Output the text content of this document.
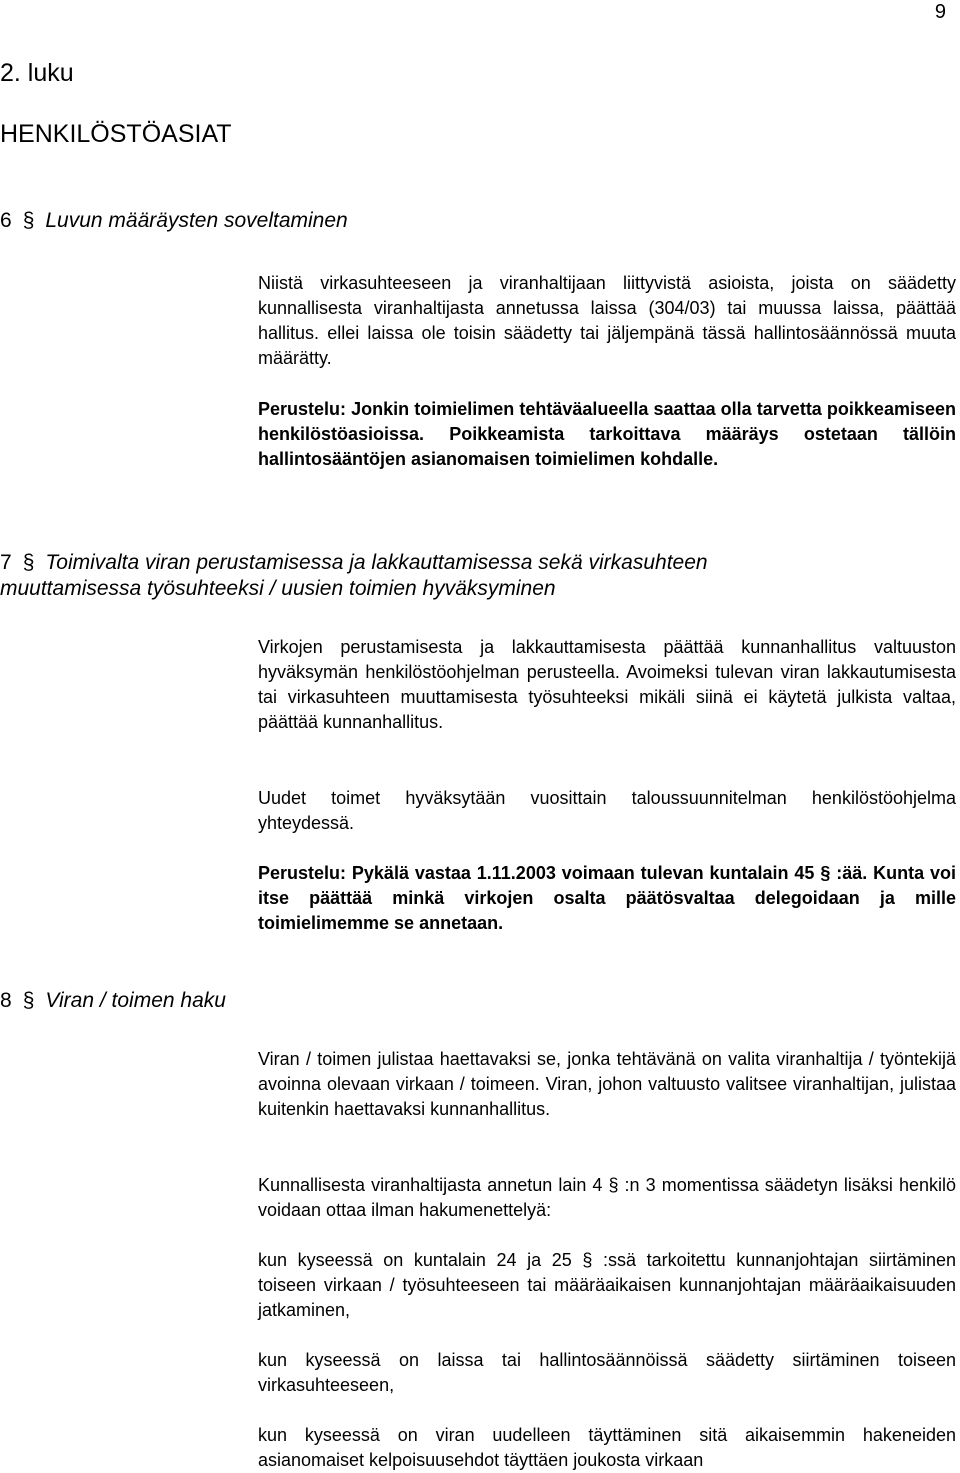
9
2. luku
HENKILÖSTÖASIAT
6 § Luvun määräysten soveltaminen
Niistä virkasuhteeseen ja viranhaltijaan liittyvistä asioista, joista on säädetty kunnallisesta viranhaltijasta annetussa laissa (304/03) tai muussa laissa, päättää hallitus. ellei laissa ole toisin säädetty tai jäljempänä tässä hallintosäännössä muuta määrätty.
Perustelu: Jonkin toimielimen tehtäväalueella saattaa olla tarvetta poikkeamiseen henkilöstöasioissa. Poikkeamista tarkoittava määräys ostetaan tällöin hallintosääntöjen asianomaisen toimielimen kohdalle.
7 § Toimivalta viran perustamisessa ja lakkauttamisessa sekä virkasuhteen
muuttamisessa työsuhteeksi / uusien toimien hyväksyminen
Virkojen perustamisesta ja lakkauttamisesta päättää kunnanhallitus valtuuston hyväksymän henkilöstöohjelman perusteella. Avoimeksi tulevan viran lakkautumisesta tai virkasuhteen muuttamisesta työsuhteeksi mikäli siinä ei käytetä julkista valtaa, päättää kunnanhallitus.
Uudet toimet hyväksytään vuosittain taloussuunnitelman henkilöstöohjelma yhteydessä.
Perustelu: Pykälä vastaa 1.11.2003 voimaan tulevan kuntalain 45 § :ää. Kunta voi itse päättää minkä virkojen osalta päätösvaltaa delegoidaan ja mille toimielimemme se annetaan.
8 § Viran / toimen haku
Viran / toimen julistaa haettavaksi se, jonka tehtävänä on valita viranhaltija / työntekijä avoinna olevaan virkaan / toimeen. Viran, johon valtuusto valitsee viranhaltijan, julistaa kuitenkin haettavaksi kunnanhallitus.
Kunnallisesta viranhaltijasta annetun lain 4 § :n 3 momentissa säädetyn lisäksi henkilö voidaan ottaa ilman hakumenettelyä:
kun kyseessä on kuntalain 24 ja 25 § :ssä tarkoitettu kunnanjohtajan siirtäminen toiseen virkaan / työsuhteeseen tai määräaikaisen kunnanjohtajan määräaikaisuuden jatkaminen,
kun kyseessä on laissa tai hallintosäännöissä säädetty siirtäminen toiseen virkasuhteeseen,
kun kyseessä on viran uudelleen täyttäminen sitä aikaisemmin hakeneiden asianomaiset kelpoisuusehdot täyttäen joukosta virkaan
